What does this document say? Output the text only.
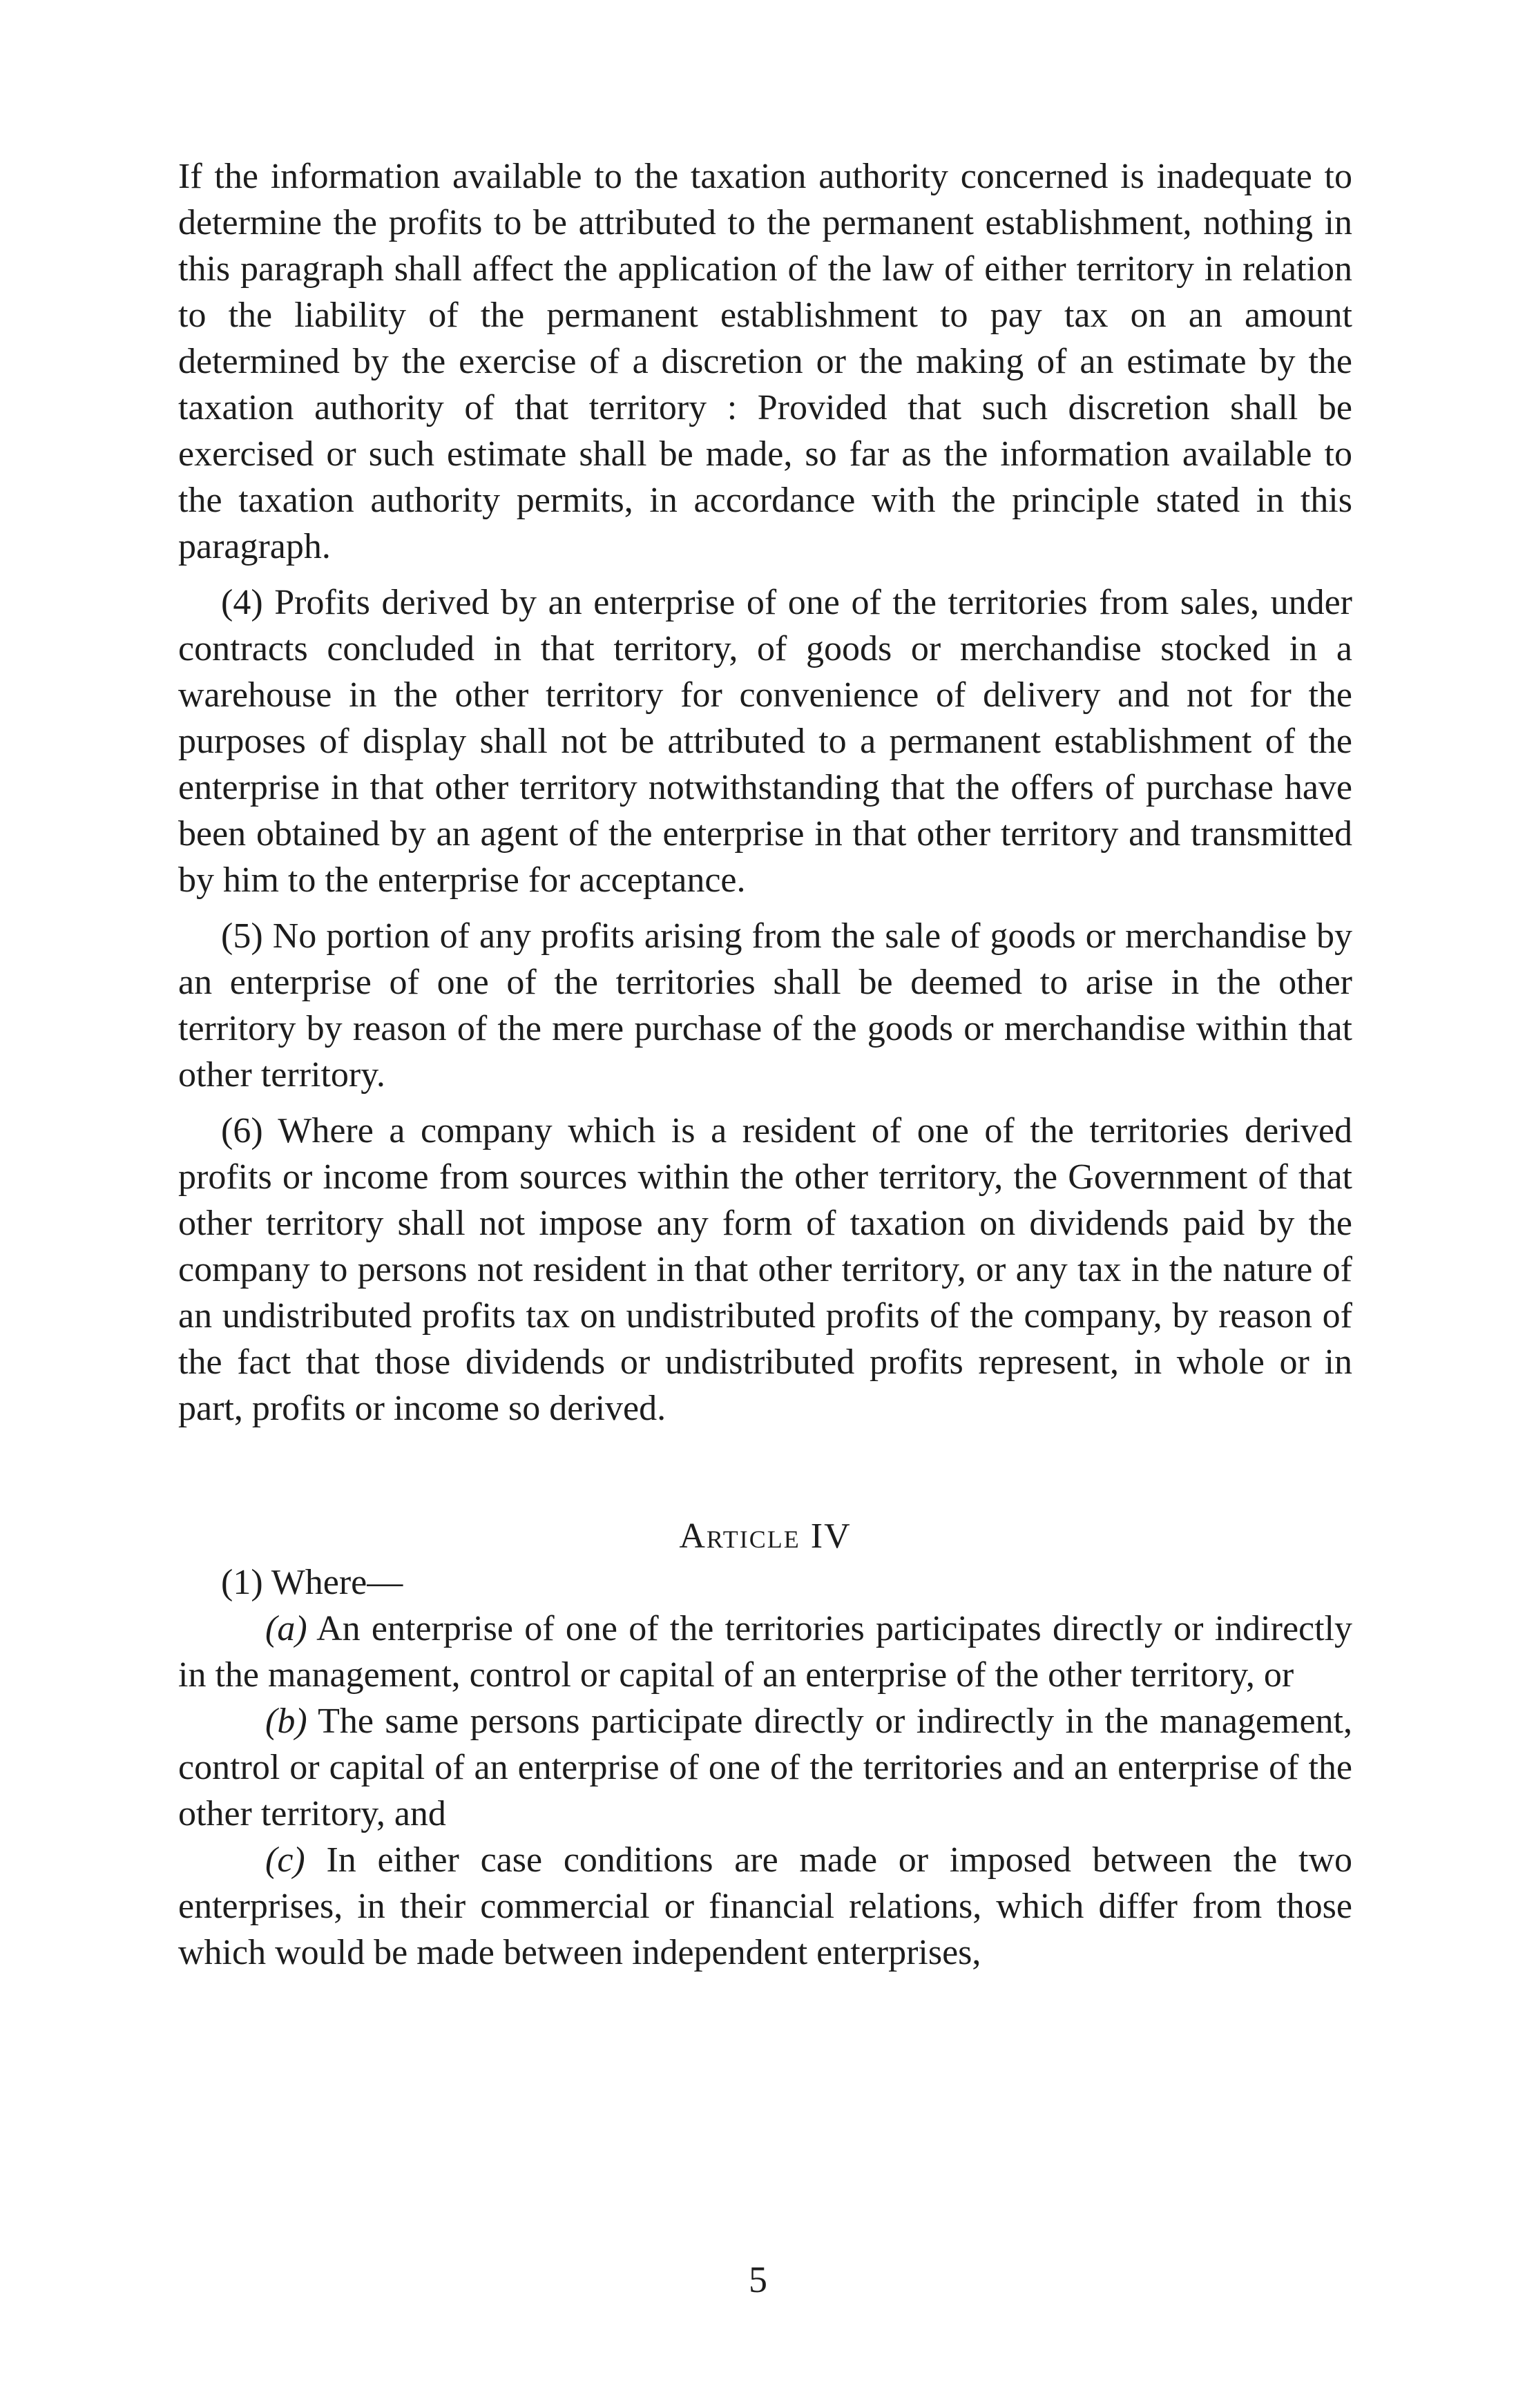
If the information available to the taxation authority concerned is inadequate to determine the profits to be attributed to the permanent establishment, nothing in this paragraph shall affect the application of the law of either territory in relation to the liability of the permanent establishment to pay tax on an amount determined by the exercise of a discretion or the making of an estimate by the taxation authority of that territory : Provided that such discretion shall be exercised or such estimate shall be made, so far as the information available to the taxation authority permits, in accordance with the principle stated in this paragraph.

(4) Profits derived by an enterprise of one of the territories from sales, under contracts concluded in that territory, of goods or merchandise stocked in a warehouse in the other territory for convenience of delivery and not for the purposes of display shall not be attributed to a permanent establishment of the enterprise in that other territory notwithstanding that the offers of purchase have been obtained by an agent of the enterprise in that other territory and transmitted by him to the enterprise for acceptance.

(5) No portion of any profits arising from the sale of goods or merchandise by an enterprise of one of the territories shall be deemed to arise in the other territory by reason of the mere purchase of the goods or merchandise within that other territory.

(6) Where a company which is a resident of one of the territories derived profits or income from sources within the other territory, the Government of that other territory shall not impose any form of taxation on dividends paid by the company to persons not resident in that other territory, or any tax in the nature of an undistributed profits tax on undistributed profits of the company, by reason of the fact that those dividends or undistributed profits represent, in whole or in part, profits or income so derived.

Article IV

(1) Where—

(a) An enterprise of one of the territories participates directly or indirectly in the management, control or capital of an enterprise of the other territory, or

(b) The same persons participate directly or indirectly in the management, control or capital of an enterprise of one of the territories and an enterprise of the other territory, and

(c) In either case conditions are made or imposed between the two enterprises, in their commercial or financial relations, which differ from those which would be made between independent enterprises,

5
